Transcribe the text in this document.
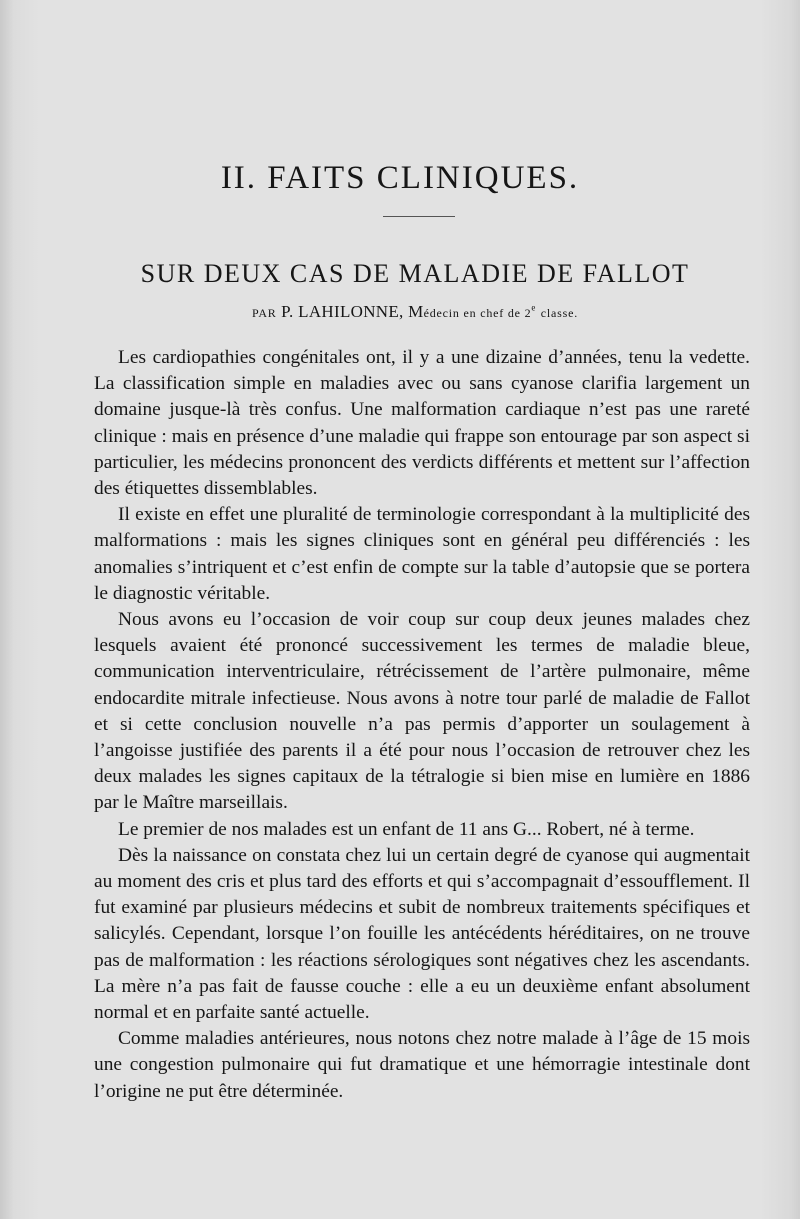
II. FAITS CLINIQUES.
SUR DEUX CAS DE MALADIE DE FALLOT
PAR P. LAHILONNE, Médecin en chef de 2e classe.

Les cardiopathies congénitales ont, il y a une dizaine d’années, tenu la vedette. La classification simple en maladies avec ou sans cyanose clarifia largement un domaine jusque-là très confus. Une malformation cardiaque n’est pas une rareté clinique : mais en présence d’une maladie qui frappe son entourage par son aspect si particulier, les médecins prononcent des verdicts différents et mettent sur l’affection des étiquettes dissemblables.

Il existe en effet une pluralité de terminologie correspondant à la multiplicité des malformations : mais les signes cliniques sont en général peu différenciés : les anomalies s’intriquent et c’est enfin de compte sur la table d’autopsie que se portera le diagnostic véritable.

Nous avons eu l’occasion de voir coup sur coup deux jeunes malades chez lesquels avaient été prononcé successivement les termes de maladie bleue, communication interventriculaire, rétrécissement de l’artère pulmonaire, même endocardite mitrale infectieuse. Nous avons à notre tour parlé de maladie de Fallot et si cette conclusion nouvelle n’a pas permis d’apporter un soulagement à l’angoisse justifiée des parents il a été pour nous l’occasion de retrouver chez les deux malades les signes capitaux de la tétralogie si bien mise en lumière en 1886 par le Maître marseillais.

Le premier de nos malades est un enfant de 11 ans G... Robert, né à terme.

Dès la naissance on constata chez lui un certain degré de cyanose qui augmentait au moment des cris et plus tard des efforts et qui s’accompagnait d’essoufflement. Il fut examiné par plusieurs médecins et subit de nombreux traitements spécifiques et salicylés. Cependant, lorsque l’on fouille les antécédents héréditaires, on ne trouve pas de malformation : les réactions sérologiques sont négatives chez les ascendants. La mère n’a pas fait de fausse couche : elle a eu un deuxième enfant absolument normal et en parfaite santé actuelle.

Comme maladies antérieures, nous notons chez notre malade à l’âge de 15 mois une congestion pulmonaire qui fut dramatique et une hémorragie intestinale dont l’origine ne put être déterminée.
